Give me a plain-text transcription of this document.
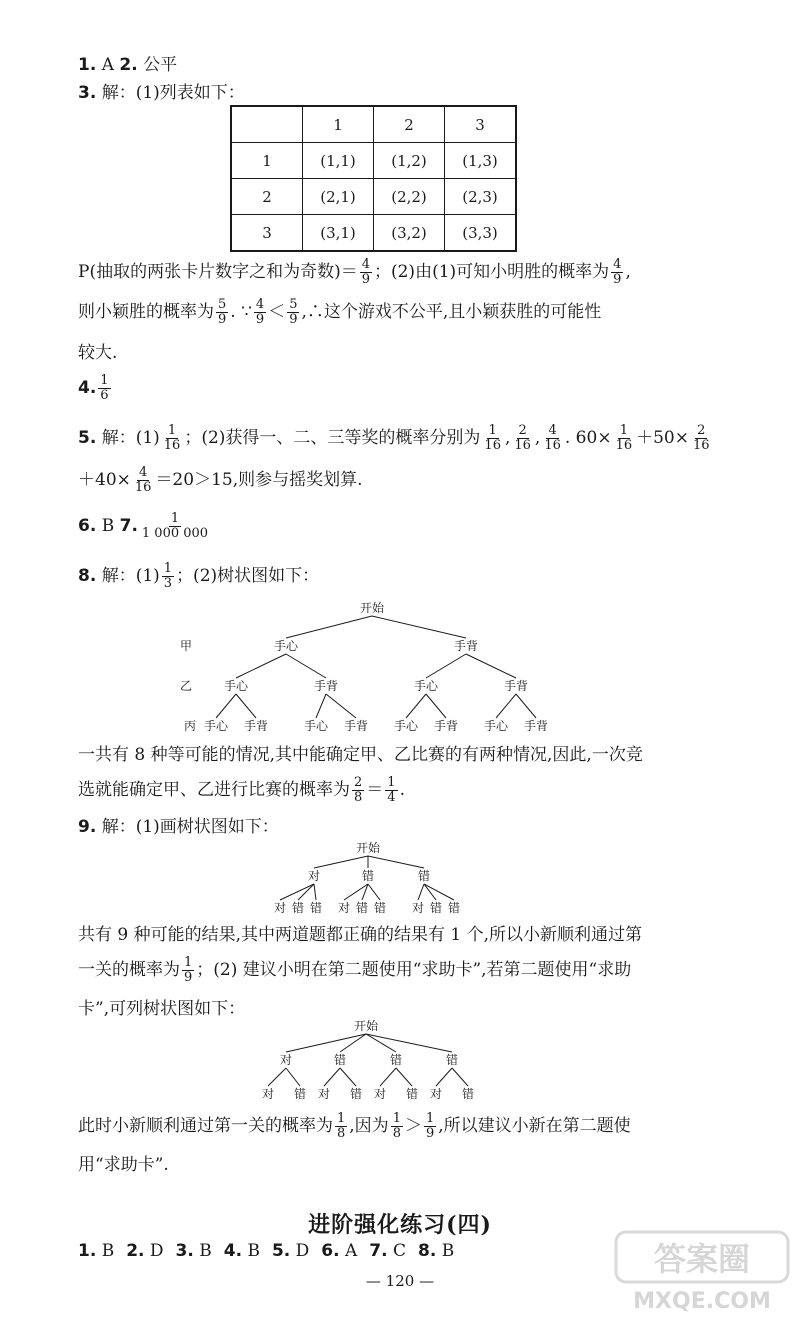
1. A 2. 公平
3. 解：(1)列表如下：
	1	2	3
1	(1,1)	(1,2)	(1,3)
2	(2,1)	(2,2)	(2,3)
3	(3,1)	(3,2)	(3,3)
P(抽取的两张卡片数字之和为奇数)＝ $\frac{4}{9}$ ；(2)由(1)可知小明胜的概率为 $\frac{4}{9}$ ,
则小颖胜的概率为 $\frac{5}{9}$ . ∵ $\frac{4}{9} < \frac{5}{9}$ ,∴这个游戏不公平,且小颖获胜的可能性
较大.
4. $\frac{1}{6}$
5. 解：$(1) \frac{1}{16}$ ；(2)获得一、二、三等奖的概率分别为 $\frac{1}{16}$ , $\frac{2}{16}$ , $\frac{4}{16}$ . $60\times \frac{1}{16} +50\times \frac{2}{16}$
$+40\times \frac{4}{16} =20>15$,则参与摇奖划算.
6. B 7. $\frac{1}{1 000 000}$
8. 解：$(1) \frac{1}{3}$ ；(2)树状图如下：
开始
甲
乙
手心	手背
手心	手背	手心	手背
丙 手心 手背	手心 手背 手心 手背 手心 手背
一共有 8 种等可能的情况,其中能确定甲、乙比赛的有两种情况,因此,一次竞
选就能确定甲、乙进行比赛的概率为 $\frac{2}{8} = \frac{1}{4}$ .
9. 解：(1)画树状图如下：
开始
对	错	错
对 错 错 对 错 错 对 错 错
共有 9 种可能的结果,其中两道题都正确的结果有 1 个,所以小新顺利通过第
一关的概率为 $\frac{1}{9}$ ；(2) 建议小明在第二题使用“求助卡”,若第二题使用“求助
卡”,可列树状图如下：
开始
对	错	错	错
对 错 对 错 对 错 对 错
此时小新顺利通过第一关的概率为 $\frac{1}{8}$ ,因为 $\frac{1}{8} > \frac{1}{9}$ ,所以建议小新在第二题使
用“求助卡”.
进阶强化练习(四)
1. B 2. D 3. B 4. B 5. D 6. A 7. C 8. B
— 120 —
答案圈
MXQE.COM
